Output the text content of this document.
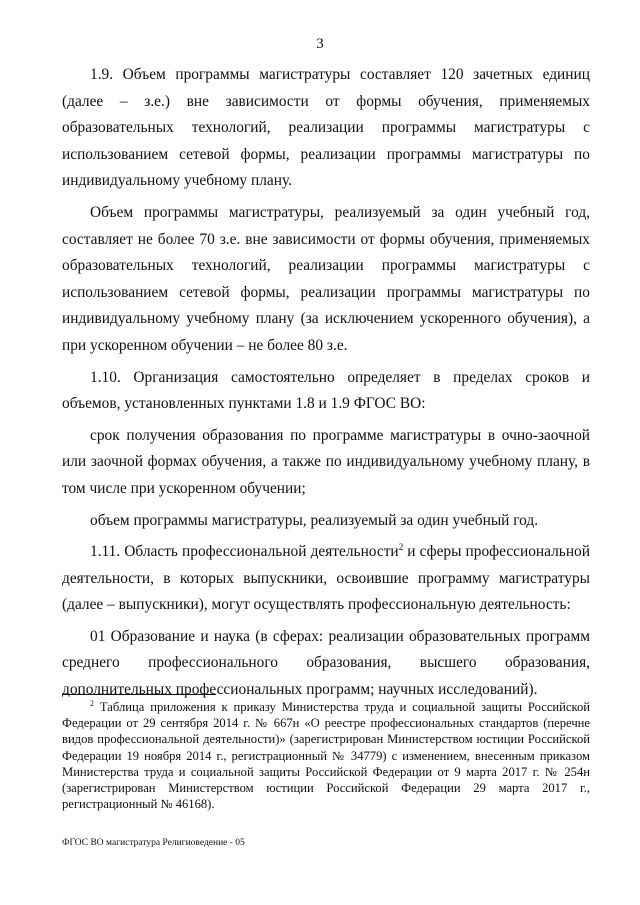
3

1.9. Объем программы магистратуры составляет 120 зачетных единиц (далее – з.е.) вне зависимости от формы обучения, применяемых образовательных технологий, реализации программы магистратуры с использованием сетевой формы, реализации программы магистратуры по индивидуальному учебному плану.

Объем программы магистратуры, реализуемый за один учебный год, составляет не более 70 з.е. вне зависимости от формы обучения, применяемых образовательных технологий, реализации программы магистратуры с использованием сетевой формы, реализации программы магистратуры по индивидуальному учебному плану (за исключением ускоренного обучения), а при ускоренном обучении – не более 80 з.е.

1.10. Организация самостоятельно определяет в пределах сроков и объемов, установленных пунктами 1.8 и 1.9 ФГОС ВО:

срок получения образования по программе магистратуры в очно-заочной или заочной формах обучения, а также по индивидуальному учебному плану, в том числе при ускоренном обучении;

объем программы магистратуры, реализуемый за один учебный год.

1.11. Область профессиональной деятельности$^2$ и сферы профессиональной деятельности, в которых выпускники, освоившие программу магистратуры (далее – выпускники), могут осуществлять профессиональную деятельность:

01 Образование и наука (в сферах: реализации образовательных программ среднего профессионального образования, высшего образования, дополнительных профессиональных программ; научных исследований).

$^2$ Таблица приложения к приказу Министерства труда и социальной защиты Российской Федерации от 29 сентября 2014 г. № 667н «О реестре профессиональных стандартов (перечне видов профессиональной деятельности)» (зарегистрирован Министерством юстиции Российской Федерации 19 ноября 2014 г., регистрационный № 34779) с изменением, внесенным приказом Министерства труда и социальной защиты Российской Федерации от 9 марта 2017 г. № 254н (зарегистрирован Министерством юстиции Российской Федерации 29 марта 2017 г., регистрационный № 46168).

ФГОС ВО магистратура Религиоведение - 05
